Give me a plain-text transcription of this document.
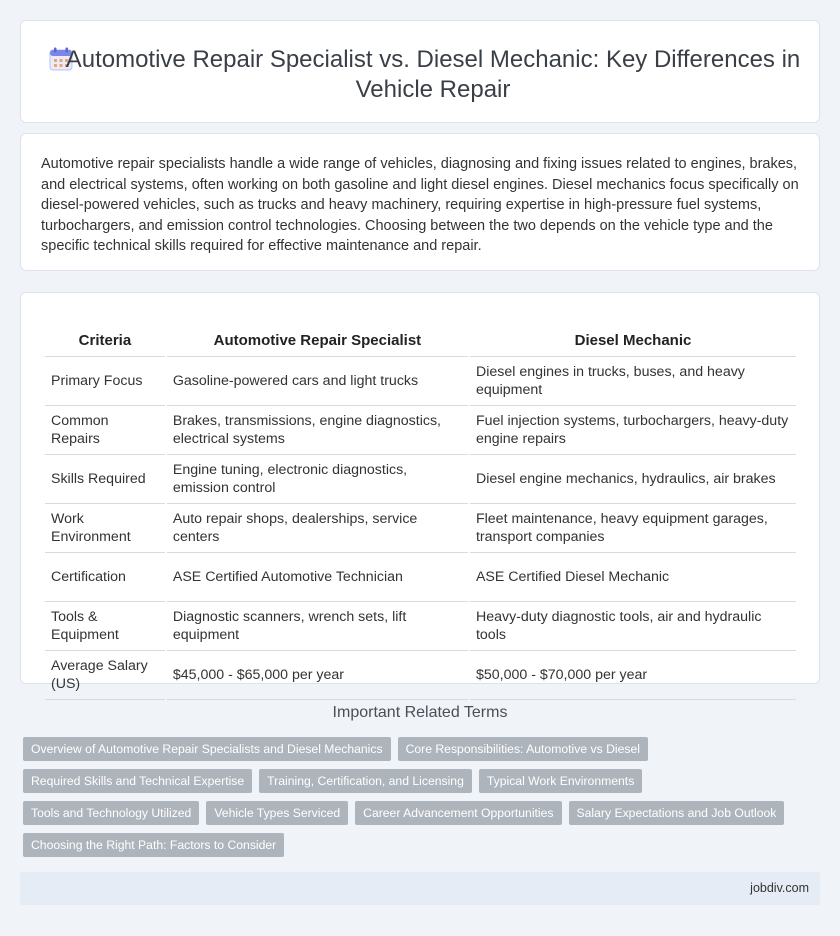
Automotive Repair Specialist vs. Diesel Mechanic: Key Differences in Vehicle Repair

Automotive repair specialists handle a wide range of vehicles, diagnosing and fixing issues related to engines, brakes, and electrical systems, often working on both gasoline and light diesel engines. Diesel mechanics focus specifically on diesel-powered vehicles, such as trucks and heavy machinery, requiring expertise in high-pressure fuel systems, turbochargers, and emission control technologies. Choosing between the two depends on the vehicle type and the specific technical skills required for effective maintenance and repair.

Criteria	Automotive Repair Specialist	Diesel Mechanic
Primary Focus	Gasoline-powered cars and light trucks	Diesel engines in trucks, buses, and heavy equipment
Common Repairs	Brakes, transmissions, engine diagnostics, electrical systems	Fuel injection systems, turbochargers, heavy-duty engine repairs
Skills Required	Engine tuning, electronic diagnostics, emission control	Diesel engine mechanics, hydraulics, air brakes
Work Environment	Auto repair shops, dealerships, service centers	Fleet maintenance, heavy equipment garages, transport companies
Certification	ASE Certified Automotive Technician	ASE Certified Diesel Mechanic
Tools & Equipment	Diagnostic scanners, wrench sets, lift equipment	Heavy-duty diagnostic tools, air and hydraulic tools
Average Salary (US)	$45,000 - $65,000 per year	$50,000 - $70,000 per year
Important Related Terms
Overview of Automotive Repair Specialists and Diesel Mechanics	Core Responsibilities: Automotive vs Diesel
Required Skills and Technical Expertise	Training, Certification, and Licensing	Typical Work Environments
Tools and Technology Utilized	Vehicle Types Serviced	Career Advancement Opportunities	Salary Expectations and Job Outlook
Choosing the Right Path: Factors to Consider
jobdiv.com
